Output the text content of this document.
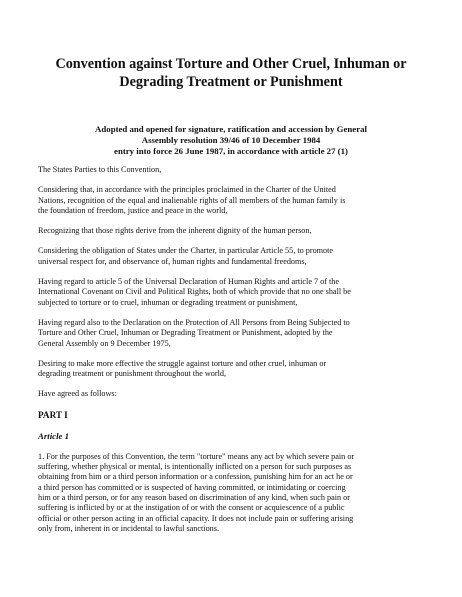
Convention against Torture and Other Cruel, Inhuman or
Degrading Treatment or Punishment

Adopted and opened for signature, ratification and accession by General
Assembly resolution 39/46 of 10 December 1984
entry into force 26 June 1987, in accordance with article 27 (1)

The States Parties to this Convention,

Considering that, in accordance with the principles proclaimed in the Charter of the United
Nations, recognition of the equal and inalienable rights of all members of the human family is
the foundation of freedom, justice and peace in the world,

Recognizing that those rights derive from the inherent dignity of the human person,

Considering the obligation of States under the Charter, in particular Article 55, to promote
universal respect for, and observance of, human rights and fundamental freedoms,

Having regard to article 5 of the Universal Declaration of Human Rights and article 7 of the
International Covenant on Civil and Political Rights, both of which provide that no one shall be
subjected to torture or to cruel, inhuman or degrading treatment or punishment,

Having regard also to the Declaration on the Protection of All Persons from Being Subjected to
Torture and Other Cruel, Inhuman or Degrading Treatment or Punishment, adopted by the
General Assembly on 9 December 1975,

Desiring to make more effective the struggle against torture and other cruel, inhuman or
degrading treatment or punishment throughout the world,

Have agreed as follows:

PART I
Article 1

1. For the purposes of this Convention, the term "torture" means any act by which severe pain or
suffering, whether physical or mental, is intentionally inflicted on a person for such purposes as
obtaining from him or a third person information or a confession, punishing him for an act he or
a third person has committed or is suspected of having committed, or intimidating or coercing
him or a third person, or for any reason based on discrimination of any kind, when such pain or
suffering is inflicted by or at the instigation of or with the consent or acquiescence of a public
official or other person acting in an official capacity. It does not include pain or suffering arising
only from, inherent in or incidental to lawful sanctions.
